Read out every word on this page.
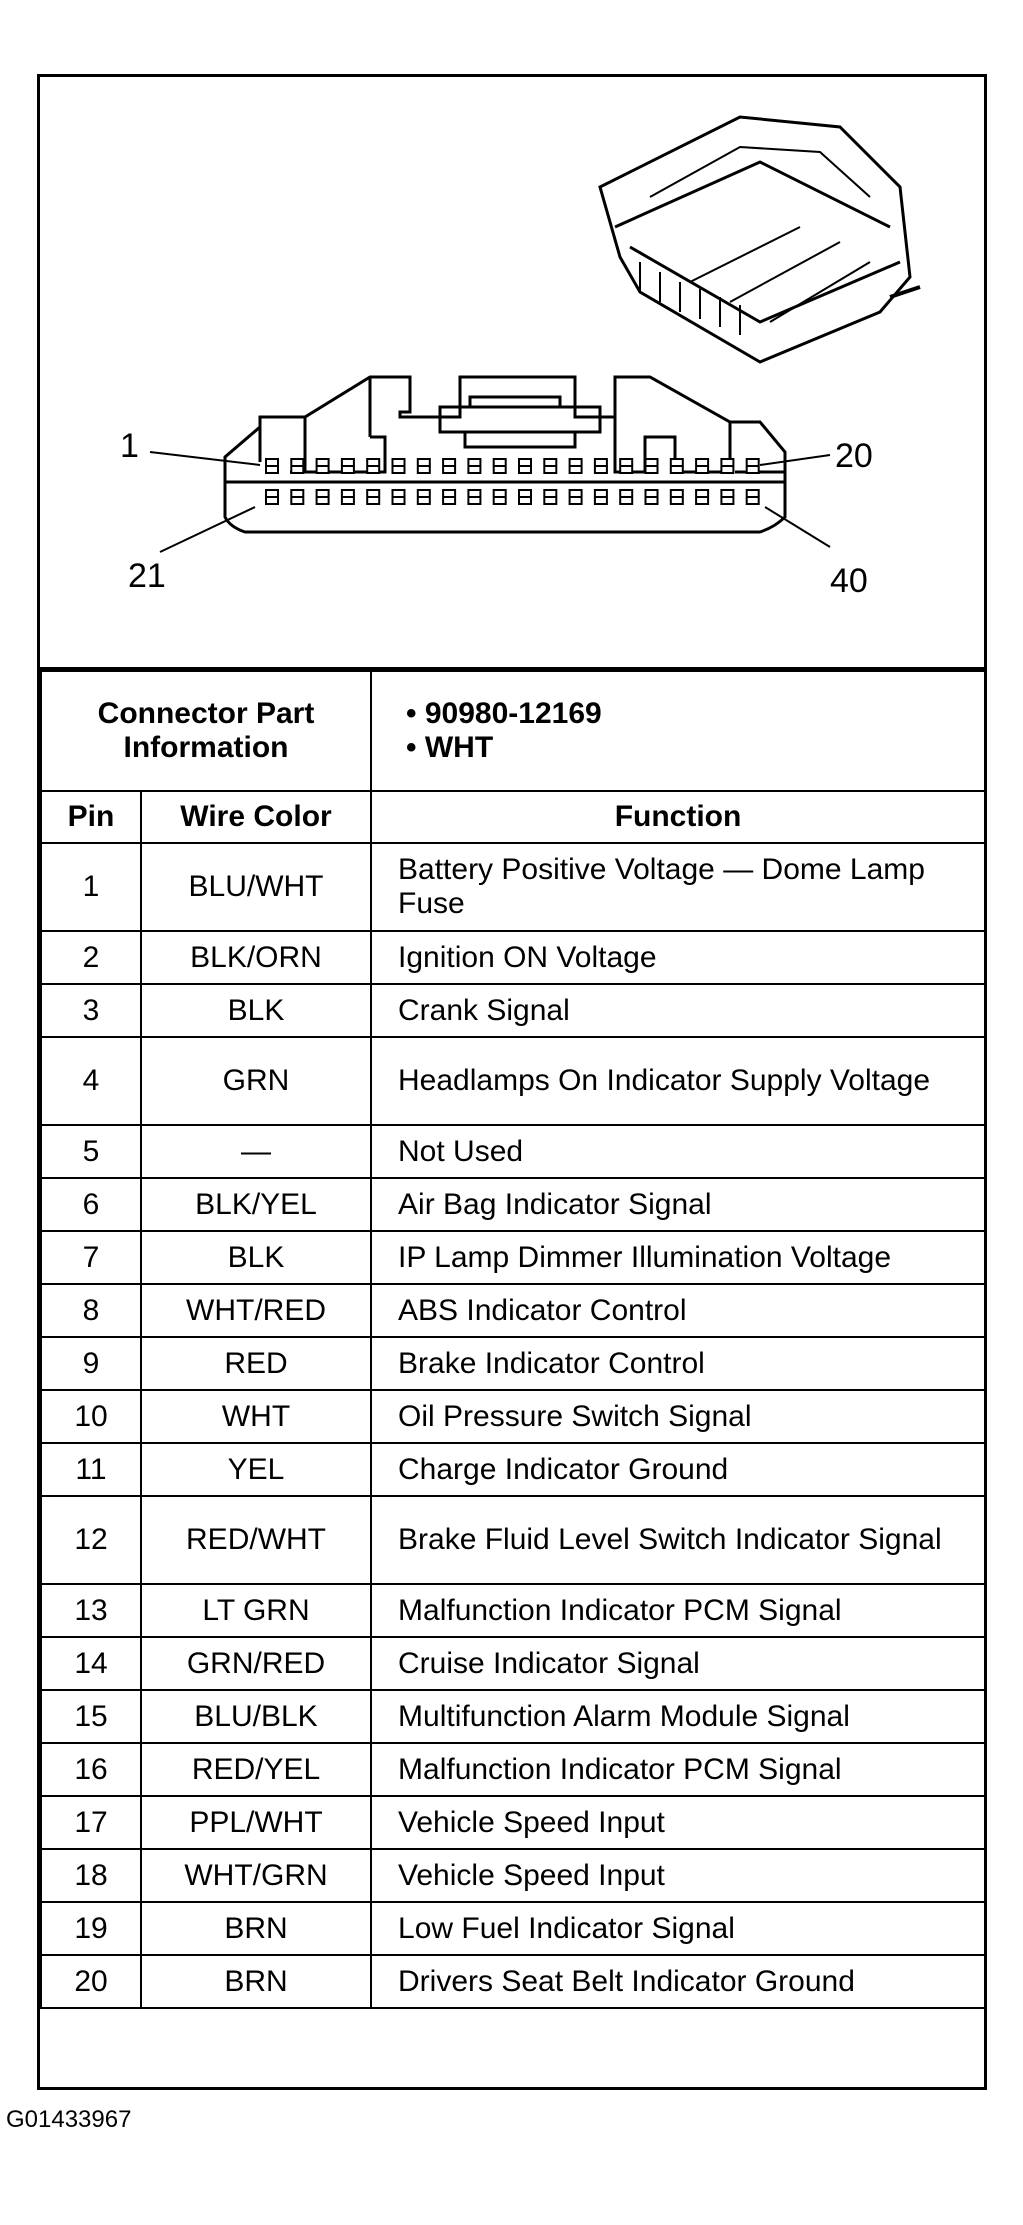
1	20
21	40
Connector Part Information		• 90980-12169
• WHT

Pin	Wire Color	Function
1	BLU/WHT	Battery Positive Voltage — Dome Lamp Fuse
2	BLK/ORN	Ignition ON Voltage
3	BLK	Crank Signal
4	GRN	Headlamps On Indicator Supply Voltage
5	—	Not Used
6	BLK/YEL	Air Bag Indicator Signal
7	BLK	IP Lamp Dimmer Illumination Voltage
8	WHT/RED	ABS Indicator Control
9	RED	Brake Indicator Control
10	WHT	Oil Pressure Switch Signal
11	YEL	Charge Indicator Ground
12	RED/WHT	Brake Fluid Level Switch Indicator Signal
13	LT GRN	Malfunction Indicator PCM Signal
14	GRN/RED	Cruise Indicator Signal
15	BLU/BLK	Multifunction Alarm Module Signal
16	RED/YEL	Malfunction Indicator PCM Signal
17	PPL/WHT	Vehicle Speed Input
18	WHT/GRN	Vehicle Speed Input
19	BRN	Low Fuel Indicator Signal
20	BRN	Drivers Seat Belt Indicator Ground
G01433967
